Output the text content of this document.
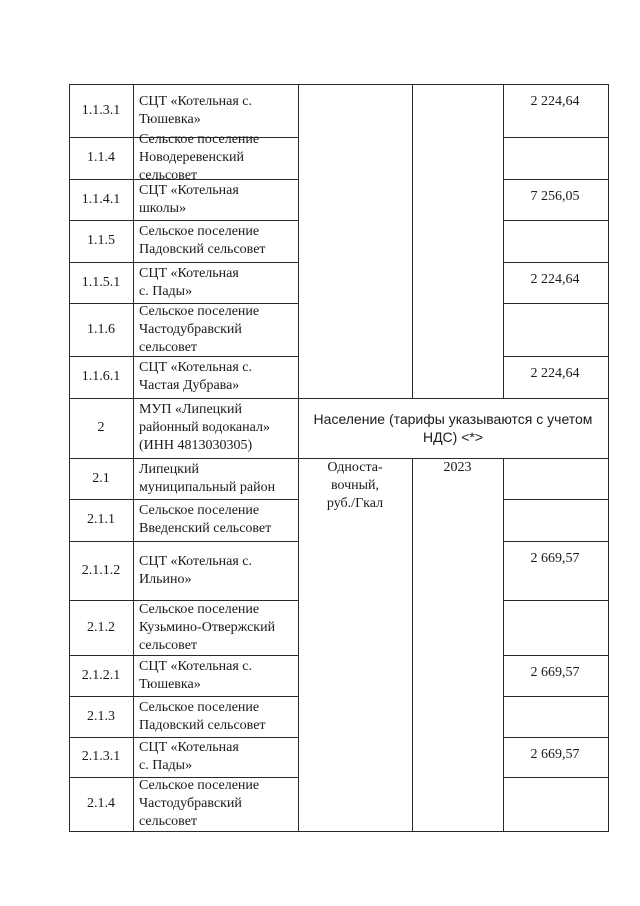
1.1.3.1
СЦТ «Котельная с.
Тюшевка»
2 224,64
1.1.4
Сельское поселение
Новодеревенский
сельсовет
1.1.4.1
СЦТ «Котельная
школы»
7 256,05
1.1.5
Сельское поселение
Падовский сельсовет
1.1.5.1
СЦТ «Котельная
с. Пады»
2 224,64
1.1.6
Сельское поселение
Частодубравский
сельсовет
1.1.6.1
СЦТ «Котельная с.
Частая Дубрава»
2 224,64
2
МУП «Липецкий
районный водоканал»
(ИНН 4813030305)
2.1
Липецкий
муниципальный район
2.1.1
Сельское поселение
Введенский сельсовет
2.1.1.2
СЦТ «Котельная с.
Ильино»
2 669,57
2.1.2
Сельское поселение
Кузьмино-Отвержский
сельсовет
2.1.2.1
СЦТ «Котельная с.
Тюшевка»
2 669,57
2.1.3
Сельское поселение
Падовский сельсовет
2.1.3.1
СЦТ «Котельная
с. Пады»
2 669,57
2.1.4
Сельское поселение
Частодубравский
сельсовет
Население (тарифы указываются с учетом
НДС) <*>
Односта-
вочный,
руб./Гкал
2023
